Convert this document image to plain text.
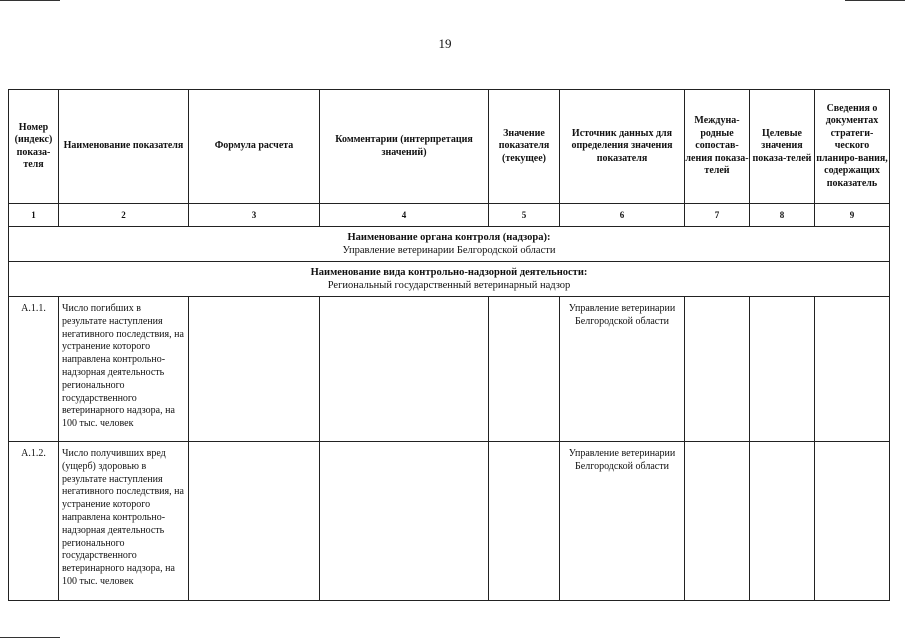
19
Номер (индекс) показа-теля	Наименование показателя	Формула расчета	Комментарии (интерпретация значений)	Значение показателя (текущее)	Источник данных для определения значения показателя	Междуна-родные сопостав-ления показа-телей	Целевые значения показа-телей	Сведения о документах стратеги-ческого планиро-вания, содержащих показатель
1	2	3	4	5	6	7	8	9

Наименование органа контроля (надзора):
Управление ветеринарии Белгородской области								

Наименование вида контрольно-надзорной деятельности:
Региональный государственный ветеринарный надзор								

А.1.1.	Число погибших в результате наступления негативного последствия, на устранение которого направлена контрольно-надзорная деятельность регионального государственного ветеринарного надзора, на 100 тыс. человек				Управление ветеринарии Белгородской области			
А.1.2.	Число получивших вред (ущерб) здоровью в результате наступления негативного последствия, на устранение которого направлена контрольно-надзорная деятельность регионального государственного ветеринарного надзора, на 100 тыс. человек				Управление ветеринарии Белгородской области			
